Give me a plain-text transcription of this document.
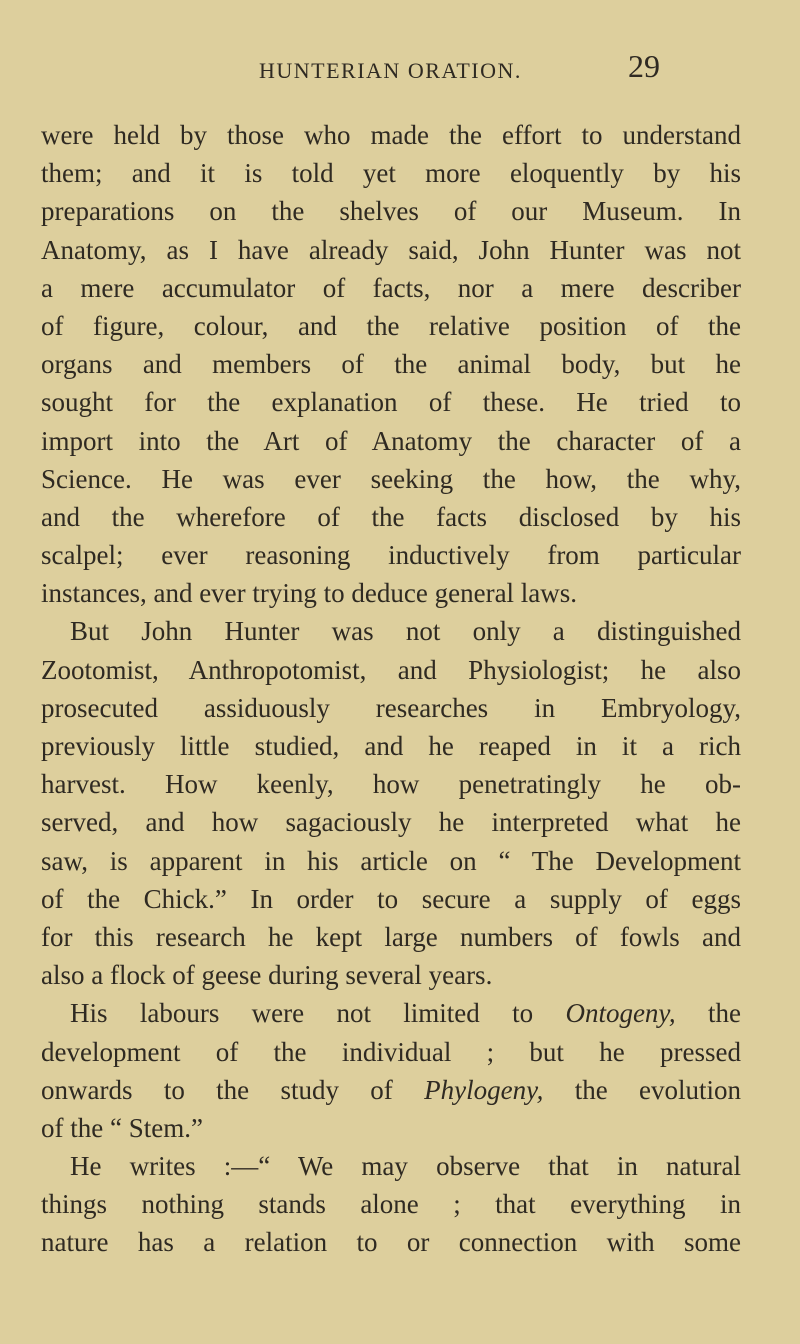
HUNTERIAN ORATION.	29
were held by those who made the effort to understand
them; and it is told yet more eloquently by his
preparations on the shelves of our Museum. In
Anatomy, as I have already said, John Hunter was not
a mere accumulator of facts, nor a mere describer
of figure, colour, and the relative position of the
organs and members of the animal body, but he
sought for the explanation of these. He tried to
import into the Art of Anatomy the character of a
Science. He was ever seeking the how, the why,
and the wherefore of the facts disclosed by his
scalpel; ever reasoning inductively from particular
instances, and ever trying to deduce general laws.
But John Hunter was not only a distinguished
Zootomist, Anthropotomist, and Physiologist; he also
prosecuted assiduously researches in Embryology,
previously little studied, and he reaped in it a rich
harvest. How keenly, how penetratingly he ob-
served, and how sagaciously he interpreted what he
saw, is apparent in his article on “ The Development
of the Chick.” In order to secure a supply of eggs
for this research he kept large numbers of fowls and
also a flock of geese during several years.
His labours were not limited to Ontogeny, the
development of the individual ; but he pressed
onwards to the study of Phylogeny, the evolution
of the “ Stem.”
He writes :—“ We may observe that in natural
things nothing stands alone ; that everything in
nature has a relation to or connection with some
